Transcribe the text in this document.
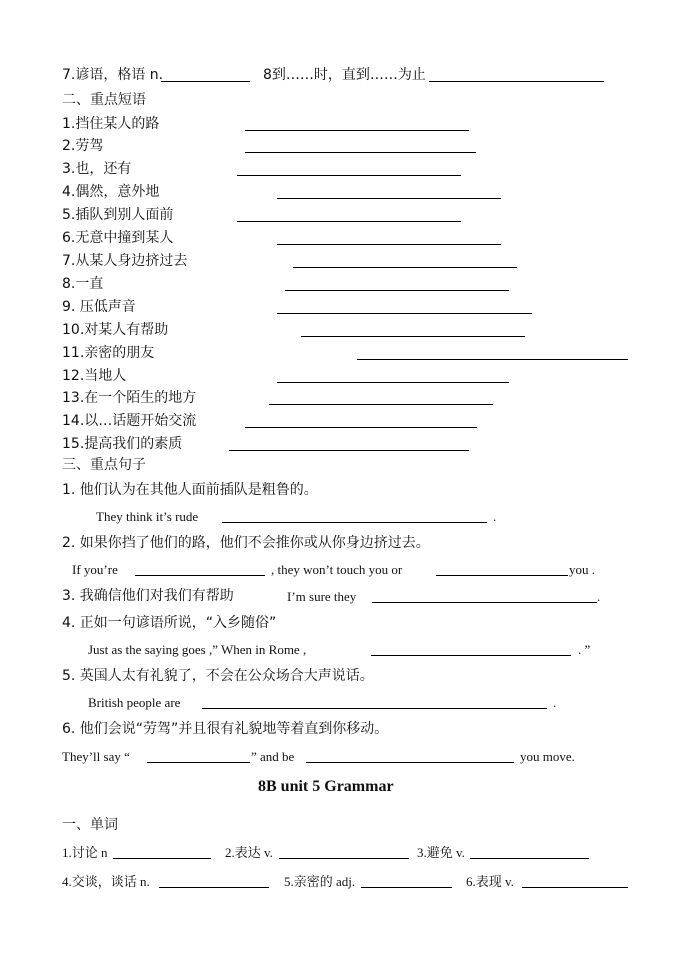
7.谚语，格语 n.	8到……时，直到……为止
二、重点短语
1.挡住某人的路
2.劳驾
3.也，还有
4.偶然，意外地
5.插队到别人面前
6.无意中撞到某人
7.从某人身边挤过去
8.一直
9. 压低声音
10.对某人有帮助
11.亲密的朋友
12.当地人
13.在一个陌生的地方
14.以…话题开始交流
15.提高我们的素质
三、重点句子
1. 他们认为在其他人面前插队是粗鲁的。
They think it’s rude	.
2. 如果你挡了他们的路，他们不会推你或从你身边挤过去。
If you’re	, they won’t touch you or	you .
3. 我确信他们对我们有帮助	I’m sure they	.
4. 正如一句谚语所说，“入乡随俗”
Just as the saying goes ,” When in Rome ,	. ”
5. 英国人太有礼貌了，不会在公众场合大声说话。
British people are	.
6. 他们会说“劳驾”并且很有礼貌地等着直到你移动。
They’ll say “	” and be	you move.
8B unit 5 Grammar
一、单词
1.讨论 n	2.表达 v.	3.避免 v.
4.交谈，谈话 n.	5.亲密的 adj.	6.表现 v.
